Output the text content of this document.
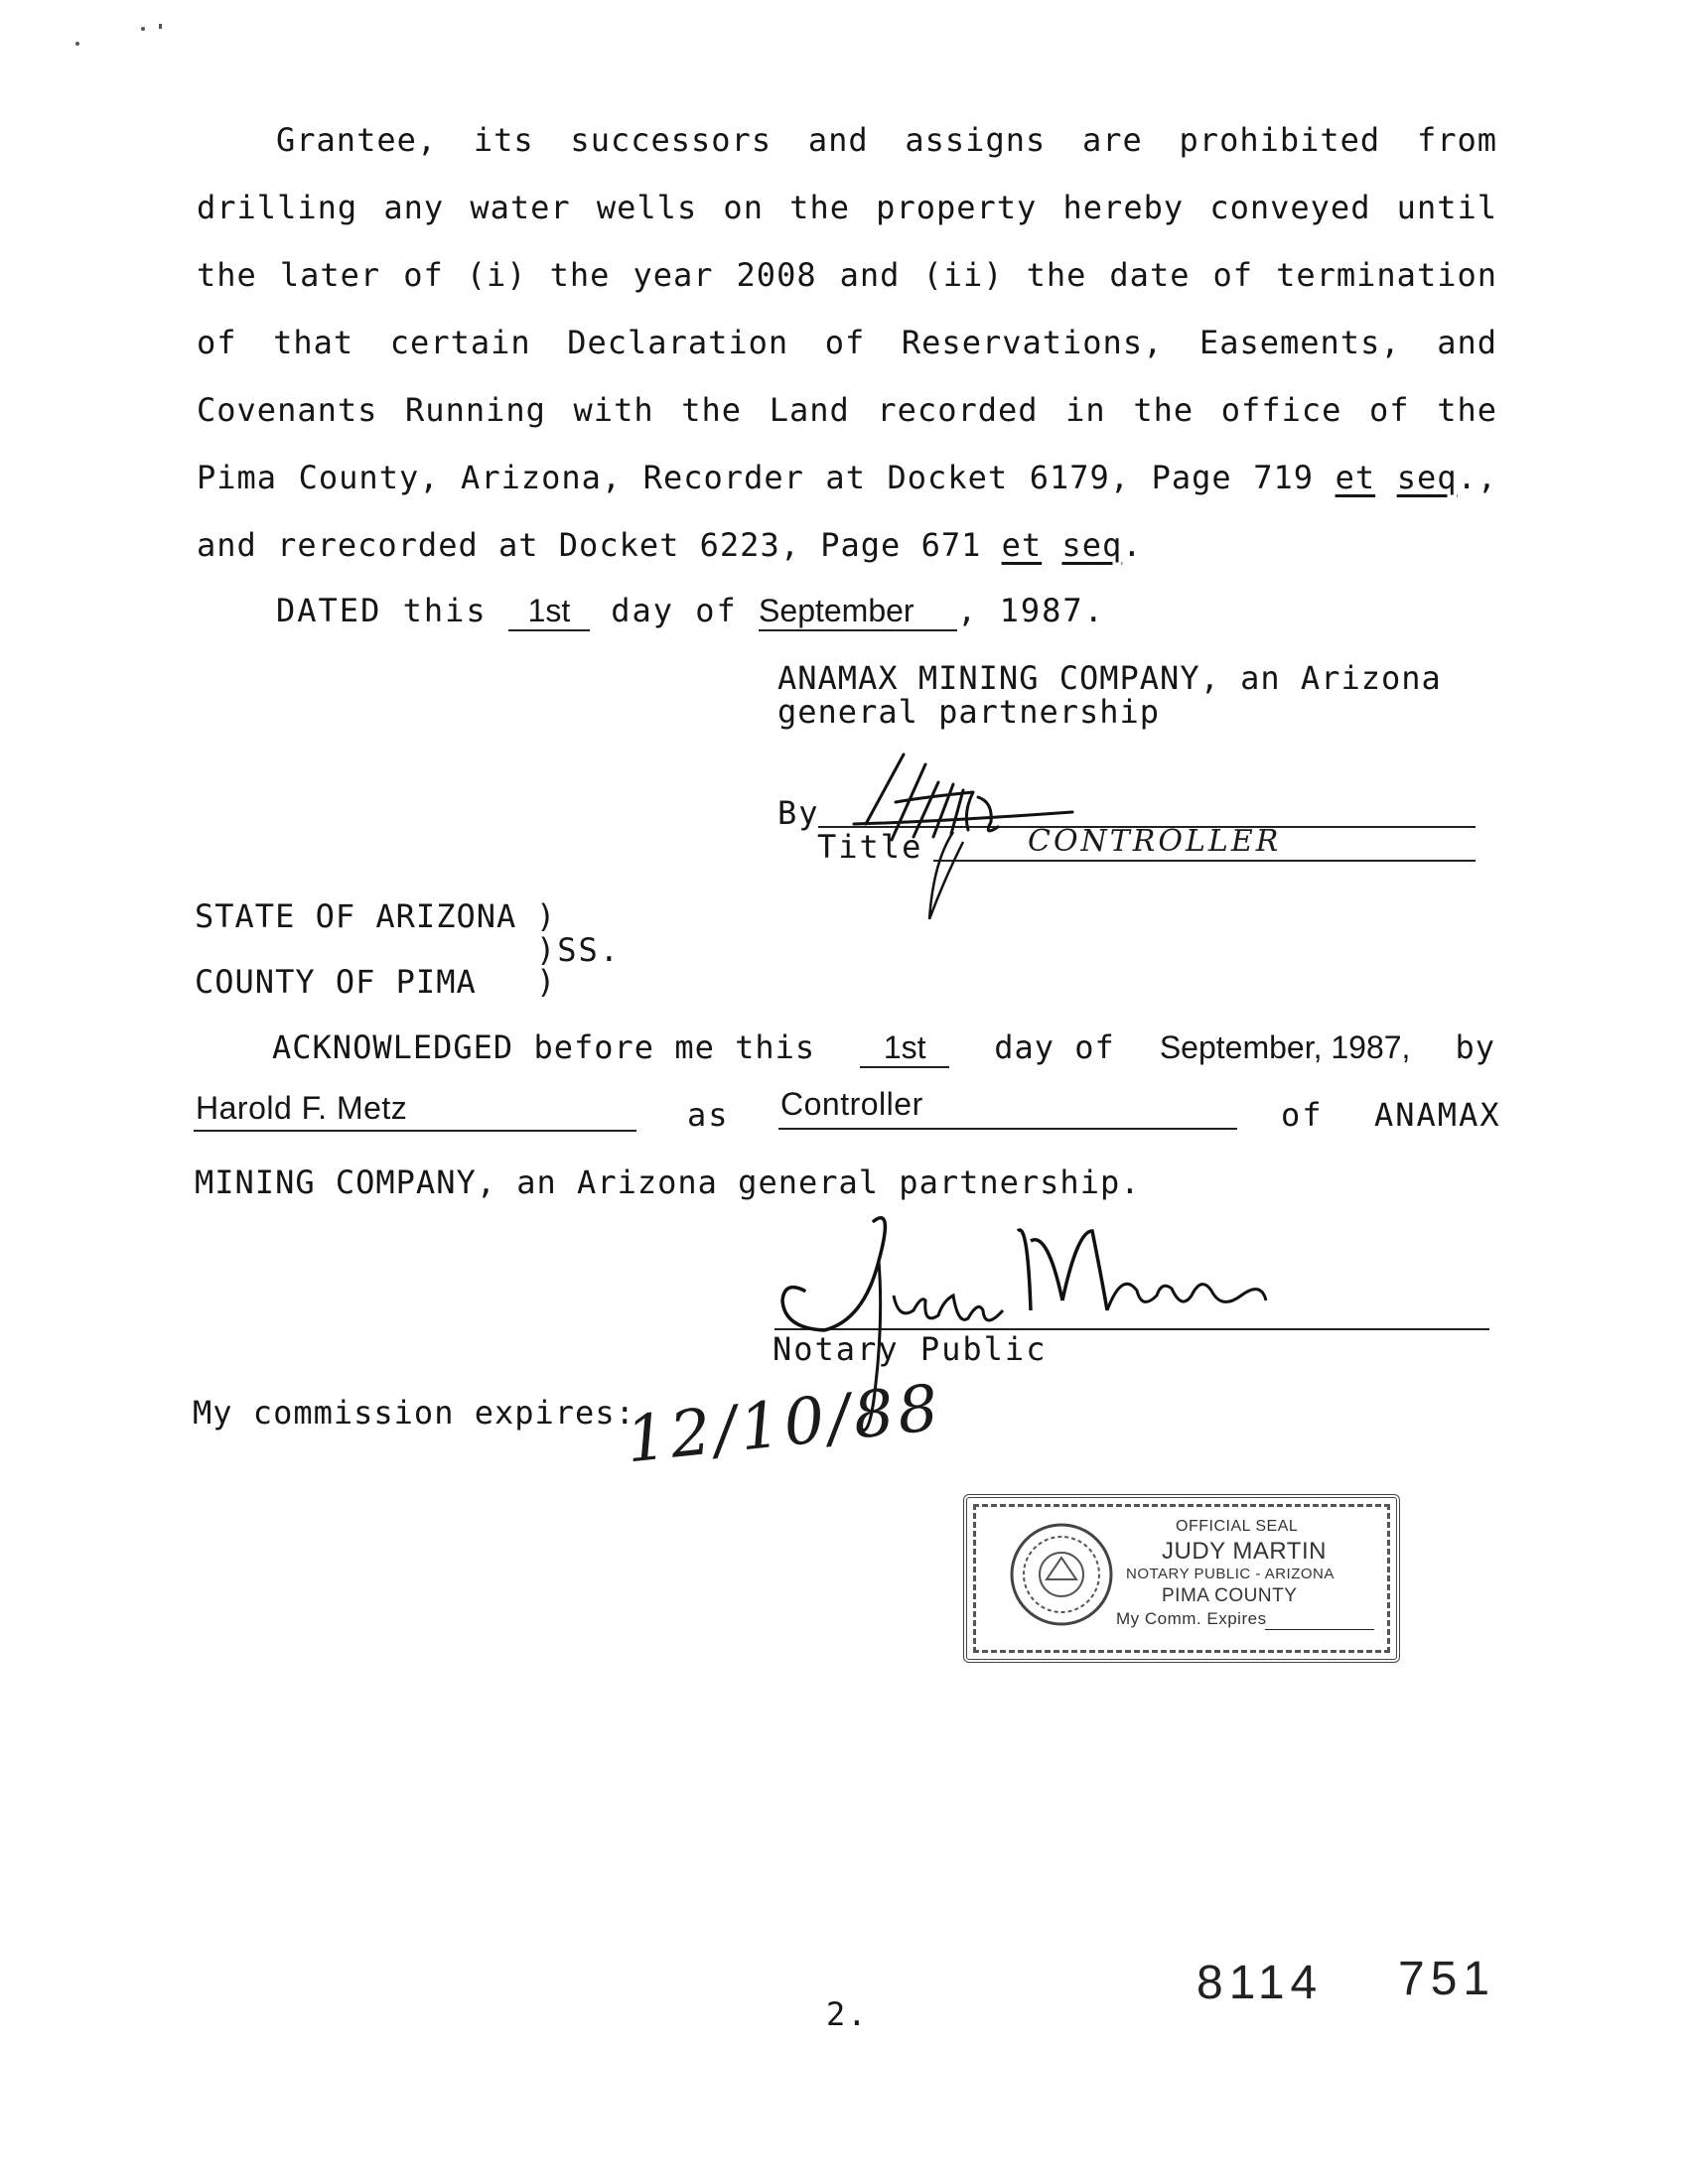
Grantee, its successors and assigns are prohibited from
drilling any water wells on the property hereby conveyed until
the later of (i) the year 2008 and (ii) the date of termination
of that certain Declaration of Reservations, Easements, and
Covenants Running with the Land recorded in the office of the
Pima County, Arizona, Recorder at Docket 6179, Page 719 et seq.,
and rerecorded at Docket 6223, Page 671 et seq.
DATED this 1st day of September , 1987.
ANAMAX MINING COMPANY, an Arizona
general partnership
By
Title	CONTROLLER
HFMetz
STATE OF ARIZONA )
)SS.
COUNTY OF PIMA )
ACKNOWLEDGED before me this	1st	day of September, 1987, by
Harold F. Metz	as Controller	of ANAMAX
MINING COMPANY, an Arizona general partnership.
Notary Public
Judy Martin
My commission expires:
12/10/88
OFFICIAL SEAL
JUDY MARTIN
NOTARY PUBLIC - ARIZONA
PIMA COUNTY
My Comm. Expires
8114 751
2.
